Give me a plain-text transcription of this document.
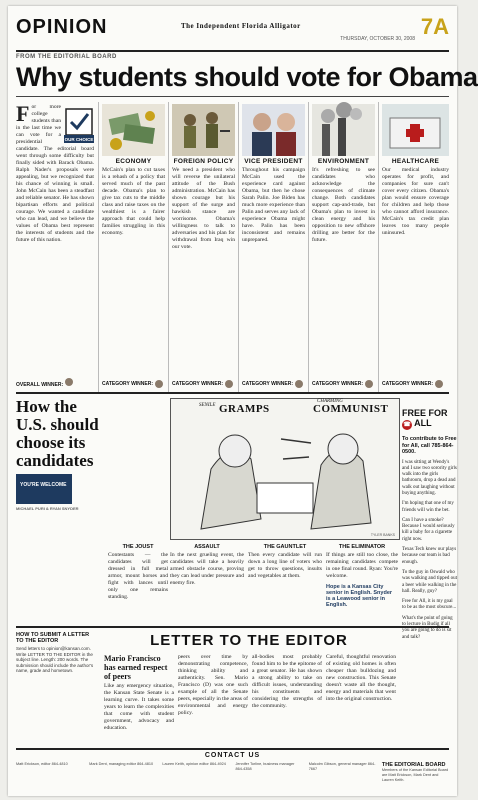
OPINION	The Independent Florida Alligator
THURSDAY, OCTOBER 30, 2008 7A
FROM THE EDITORIAL BOARD
Why students should vote for Obama
OUR CHOICE

For more college students than in the last time we can vote for a presidential candidate. The editorial board went through some difficulty but finally sided with Barack Obama. Ralph Nader's proposals were appealing, but we recognized that his chance of winning is small. John McCain has been a steadfast and reliable senator. He has shown bipartisan efforts and political courage. We wanted a candidate who can lead, and we believe the values of Obama best represent the interests of students and the future of this nation.

OVERALL WINNER:
ECONOMY

McCain's plan to cut taxes is a rehash of a policy that served much of the past decade. Obama's plan to give tax cuts to the middle class and raise taxes on the wealthiest is a fairer approach that could help families struggling in this economy.

CATEGORY WINNER:
FOREIGN POLICY

We need a president who will reverse the unilateral attitude of the Bush administration. McCain has shown courage but his support of the surge and hawkish stance are worrisome. Obama's willingness to talk to adversaries and his plan for withdrawal from Iraq win our vote.

CATEGORY WINNER:
VICE PRESIDENT

Throughout his campaign McCain used the experience card against Obama, but then he chose Sarah Palin. Joe Biden has much more experience than Palin and serves any lack of experience Obama might have. Palin has been inconsistent and remains unprepared.

CATEGORY WINNER:
ENVIRONMENT

It's refreshing to see candidates who acknowledge the consequences of climate change. Both candidates support cap-and-trade, but Obama's plan to invest in clean energy and his opposition to new offshore drilling are better for the future.

CATEGORY WINNER:
HEALTHCARE

Our medical industry operates for profit, and companies for sure can't cover every citizen. Obama's plan would ensure coverage for children and help those who cannot afford insurance. McCain's tax credit plan leaves too many people uninsured.

CATEGORY WINNER:
How the U.S. should choose its candidates
YOU'RE WELCOME
MICHAEL PURI & RYAN SNYDER
SENILE GRAMPS
CHARMING
COMMUNIST
TYLER BANKS
THE JOUST

Contestants — the candidates will get dressed in full metal armor, mount horses and fight with lances until only one remains standing.

ASSAULT

In the next grueling event, the candidates will take a heavily armed obstacle course, proving they can lead under pressure and enemy fire.

THE GAUNTLET

Then every candidate will run down a long line of voters who get to throw questions, insults and vegetables at them.

THE ELIMINATOR

If things are still too close, the remaining candidates compete in one final round. Ryan: You're welcome.

Hope is a Kansas City senior in English. Snyder is a Leawood senior in English.
FREE FOR ☎ ALL
To contribute to Free for All, call 785-864-0500.

I was sitting at Wendy's and I saw two sorority girls walk into the girls bathroom, drop a dead and walk out laughing without buying anything.

I'm hoping that one of my friends will win the bet.

Can I have a smoke? Because I would seriously kill a baby for a cigarette right now.

Texas Tech knew our plays because our team is bad enough.

To the guy in Oswald who was walking and tipped out a beer while walking in the hall. Really, guy?

Free for All, it is my goal to be as the most obscure...

What's the point of going to lecture in Budig if all you are going to do is sit and talk?

HOW TO SUBMIT A LETTER TO THE EDITOR

Send letters to opinion@kansan.com. Write LETTER TO THE EDITOR in the subject line. Length: 200 words. The submission should include the author's name, grade and hometown.

LETTER TO THE EDITOR
Mario Francisco has earned respect of peers

Like any emergency situation, the Kansan State Senate is a learning curve. It takes some years to learn the complexities that come with student government, advocacy and education.

peers over time by demonstrating competence, thinking ability and authenticity. Sen. Mario Francisco (D) was one such example of all the Senate peers, especially in the areas of environmental and energy policy.

all-bodies most probably found him to be the epitome of a great senator. He has shown a strong ability to take on difficult issues, understanding his constituents and considering the strengths of the community.

Careful, thoughtful renovation of existing old homes is often cheaper than bulldozing and new construction. This Senate doesn't waste all the thought, energy and materials that went into the original construction.

CONTACT US
Matt Erickson, editor 864-4810	Mark Dent, managing editor 864-4810	Lauren Keith, opinion editor 864-4924	Jennifer Torline, business manager 864-4358
Malcolm Gibson, general manager 864-7667
THE EDITORIAL BOARD
Members of the Kansan Editorial Board are Matt Erickson, Mark Dent and Lauren Keith.
